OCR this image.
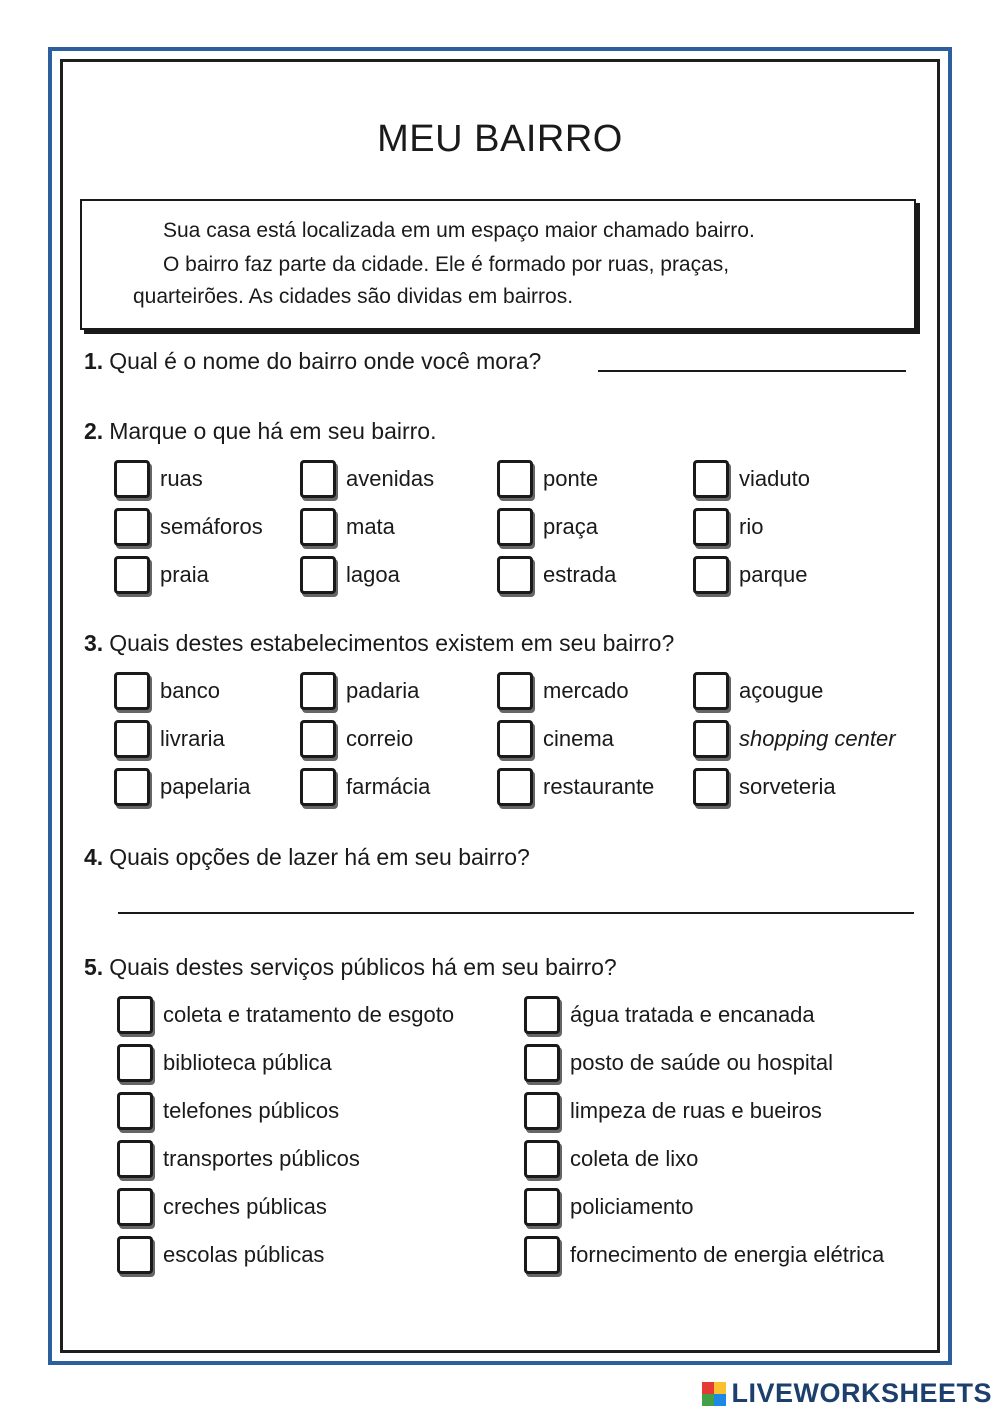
MEU BAIRRO
Sua casa está localizada em um espaço maior chamado bairro.
O bairro faz parte da cidade. Ele é formado por ruas, praças,
quarteirões. As cidades são dividas em bairros.
1. Qual é o nome do bairro onde você mora?
2. Marque o que há em seu bairro.
ruas	avenidas	ponte	viaduto
semáforos	mata	praça	rio
praia	lagoa	estrada	parque
3. Quais destes estabelecimentos existem em seu bairro?
banco	padaria	mercado	açougue
livraria	correio	cinema	shopping center
papelaria	farmácia	restaurante	sorveteria
4. Quais opções de lazer há em seu bairro?
5. Quais destes serviços públicos há em seu bairro?
coleta e tratamento de esgoto	água tratada e encanada
biblioteca pública	posto de saúde ou hospital
telefones públicos	limpeza de ruas e bueiros
transportes públicos	coleta de lixo
creches públicas	policiamento
escolas públicas	fornecimento de energia elétrica
LIVEWORKSHEETS
